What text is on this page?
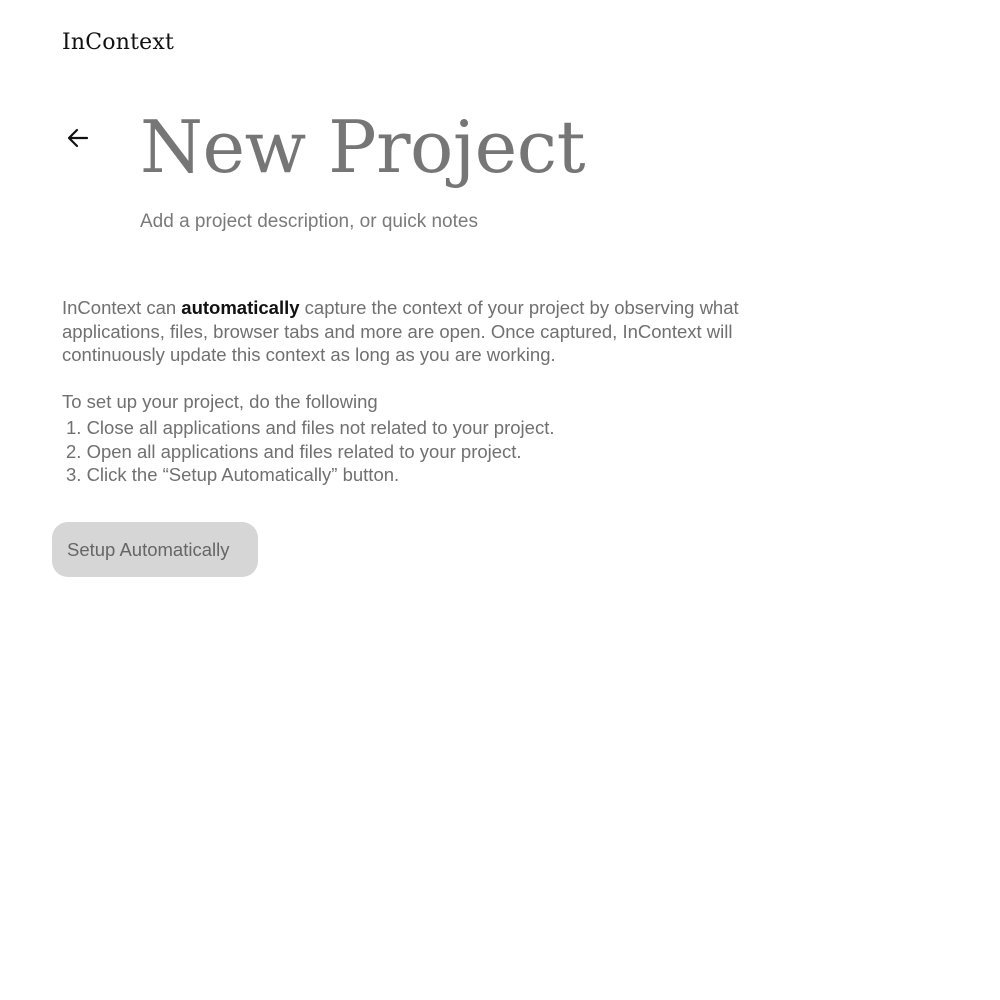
InContext
New Project
Add a project description, or quick notes

InContext can automatically capture the context of your project by observing what applications, files, browser tabs and more are open. Once captured, InContext will continuously update this context as long as you are working.

To set up your project, do the following

1. Close all applications and files not related to your project.
2. Open all applications and files related to your project.
3. Click the “Setup Automatically” button.
Setup Automatically
